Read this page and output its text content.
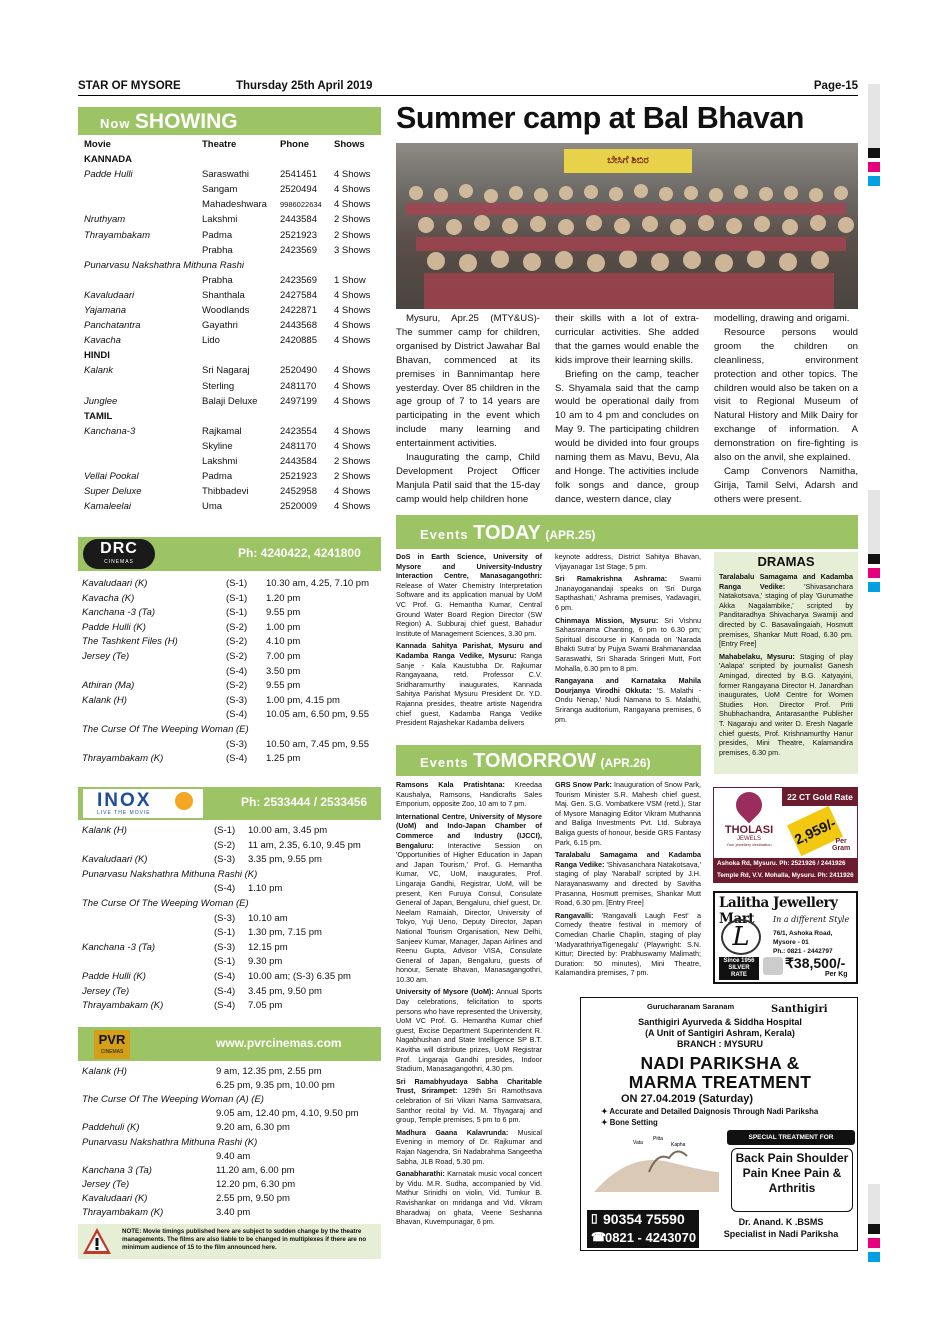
STAR OF MYSORE	Thursday 25th April 2019	Page-15
Now SHOWING
Movie	Theatre	Phone	Shows
KANNADA
Padde Hulli	Saraswathi	2541451 4 Shows
Sangam	2520494 4 Shows
Mahadeshwara 9986022634 4 Shows
Nruthyam	Lakshmi	2443584 2 Shows
Thrayambakam	Padma	2521923 2 Shows
Prabha	2423569 3 Shows
Punarvasu Nakshathra Mithuna Rashi
Prabha	2423569 1 Show
Kavaludaari	Shanthala	2427584 4 Shows
Yajamana	Woodlands	2422871 4 Shows
Panchatantra	Gayathri	2443568 4 Shows
Kavacha	Lido	2420885 4 Shows
HINDI
Kalank	Sri Nagaraj	2520490 4 Shows
Sterling	2481170 4 Shows
Junglee	Balaji Deluxe 2497199 4 Shows
TAMIL
Kanchana-3	Rajkamal	2423554 4 Shows
Skyline	2481170 4 Shows
Lakshmi	2443584 2 Shows
Vellai Pookal	Padma	2521923 2 Shows
Super Deluxe	Thibbadevi	2452958 4 Shows
Kamaleelai	Uma	2520009 4 Shows
DRC
CINEMAS
Ph: 4240422, 4241800
Kavaludaari (K)	(S-1) 10.30 am, 4.25, 7.10 pm
Kavacha (K)	(S-1) 1.20 pm
Kanchana -3 (Ta)	(S-1) 9.55 pm
Padde Hulli (K)	(S-2) 1.00 pm
The Tashkent Files (H)	(S-2) 4.10 pm
Jersey (Te)	(S-2) 7.00 pm
(S-4) 3.50 pm
Athiran (Ma)	(S-2) 9.55 pm
Kalank (H)	(S-3) 1.00 pm, 4.15 pm
(S-4) 10.05 am, 6.50 pm, 9.55
The Curse Of The Weeping Woman (E)
(S-3) 10.50 am, 7.45 pm, 9.55
Thrayambakam (K)	(S-4) 1.25 pm
INOX
LIVE THE MOVIE
Ph: 2533444 / 2533456
Kalank (H)	(S-1) 10.00 am, 3.45 pm
(S-2) 11 am, 2.35, 6.10, 9.45 pm
Kavaludaari (K)	(S-3) 3.35 pm, 9.55 pm
Punarvasu Nakshathra Mithuna Rashi (K)
(S-4) 1.10 pm
The Curse Of The Weeping Woman (E)
(S-3) 10.10 am
(S-1) 1.30 pm, 7.15 pm
Kanchana -3 (Ta)	(S-3) 12.15 pm
(S-1) 9.30 pm
Padde Hulli (K)	(S-4) 10.00 am; (S-3) 6.35 pm
Jersey (Te)	(S-4) 3.45 pm, 9.50 pm
Thrayambakam (K)	(S-4) 7.05 pm
PVR
CINEMAS
www.pvrcinemas.com
Kalank (H)	9 am, 12.35 pm, 2.55 pm
6.25 pm, 9.35 pm, 10.00 pm
The Curse Of The Weeping Woman (A) (E)
9.05 am, 12.40 pm, 4.10, 9.50 pm
Paddehuli (K)	9.20 am, 6.30 pm
Punarvasu Nakshathra Mithuna Rashi (K)
9.40 am
Kanchana 3 (Ta)	11.20 am, 6.00 pm
Jersey (Te)	12.20 pm, 6.30 pm
Kavaludaari (K)	2.55 pm, 9.50 pm
Thrayambakam (K)	3.40 pm
NOTE: Movie timings published here are subject to sudden change by the theatre managements. The films are also liable to be changed in multiplexes if there are no minimum audience of 15 to the film announced here.
Summer camp at Bal Bhavan
ಬೇಸಿಗೆ ಶಿಬಿರ

Mysuru, Apr.25 (MTY&US)- The summer camp for children, organised by District Jawahar Bal Bhavan, commenced at its premises in Bannimantap here yesterday. Over 85 children in the age group of 7 to 14 years are participating in the event which include many learning and entertainment activities.

Inaugurating the camp, Child Development Project Officer Manjula Patil said that the 15-day camp would help children hone

their skills with a lot of extra-curricular activities. She added that the games would enable the kids improve their learning skills.

Briefing on the camp, teacher S. Shyamala said that the camp would be operational daily from 10 am to 4 pm and concludes on May 9. The participating children would be divided into four groups naming them as Mavu, Bevu, Ala and Honge. The activities include folk songs and dance, group dance, western dance, clay

modelling, drawing and origami.

Resource persons would groom the children on cleanliness, environment protection and other topics. The children would also be taken on a visit to Regional Museum of Natural History and Milk Dairy for exchange of information. A demonstration on fire-fighting is also on the anvil, she explained.

Camp Convenors Namitha, Girija, Tamil Selvi, Adarsh and others were present.

Events TODAY (APR.25)

DoS in Earth Science, University of Mysore and University-Industry Interaction Centre, Manasagangothri: Release of Water Chemistry Interpretation Software and its application manual by UoM VC Prof. G. Hemantha Kumar, Central Ground Water Board Region Director (SW Region) A. Subburaj chief guest, Bahadur Institute of Management Sciences, 3.30 pm.

Kannada Sahitya Parishat, Mysuru and Kadamba Ranga Vedike, Mysuru: Ranga Sanje - Kala Kaustubha Dr. Rajkumar Rangayaana, retd. Professor C.V. Sridharamurthy inaugurates, Kannada Sahitya Parishat Mysuru President Dr. Y.D. Rajanna presides, theatre artiste Nagendra chief guest, Kadamba Ranga Vedike President Rajashekar Kadamba delivers

keynote address, District Sahitya Bhavan, Vijayanagar 1st Stage, 5 pm.

Sri Ramakrishna Ashrama: Swami Jnanayoganandaji speaks on 'Sri Durga Sapthashati,' Ashrama premises, Yadavagiri, 6 pm.

Chinmaya Mission, Mysuru: Sri Vishnu Sahasranama Chanting, 6 pm to 6.30 pm; Spiritual discourse in Kannada on 'Narada Bhakti Sutra' by Pujya Swami Brahmanandaa Saraswathi, Sri Sharada Sringeri Mutt, Fort Mohalla, 6.30 pm to 8 pm.

Rangayana and Karnataka Mahila Dourjanya Virodhi Okkuta: 'S. Malathi - Ondu Nenap,' Nudi Namana to S. Malathi, Sriranga auditorium, Rangayana premises, 6 pm.

DRAMAS

Taralabalu Samagama and Kadamba Ranga Vedike: 'Shivasanchara Natakotsava,' staging of play 'Gurumathe Akka Nagalambike,' scripted by Panditaradhya Shivacharya Swamiji and directed by C. Basavalingaiah, Hosmutt premises, Shankar Mutt Road, 6.30 pm. [Entry Free]

Mahabelaku, Mysuru: Staging of play 'Aalapa' scripted by journalist Ganesh Amingad, directed by B.G. Katyayini, former Rangayana Director H. Janardhan inaugurates, UoM Centre for Women Studies Hon. Director Prof. Priti Shubhachandra, Antarasanthe Publisher T. Nagaraju and writer D. Eresh Nagarle chief guests, Prof. Krishnamurthy Hanur presides, Mini Theatre, Kalamandira premises, 6.30 pm.

Events TOMORROW (APR.26)

Ramsons Kala Pratishtana: Kreedaa Kaushalya, Ramsons, Handicrafts Sales Emporium, opposite Zoo, 10 am to 7 pm.

International Centre, University of Mysore (UoM) and Indo-Japan Chamber of Commerce and Industry (IJCCI), Bengaluru: Interactive Session on 'Opportunities of Higher Education in Japan and Japan Tourism,' Prof. G. Hemantha Kumar, VC, UoM, inaugurates, Prof. Lingaraja Gandhi, Registrar, UoM, will be present, Ken Furuya Consul, Consulate General of Japan, Bengaluru, chief guest, Dr. Neelam Ramaiah, Director, University of Tokyo, Yuji Ueno, Deputy Director, Japan National Tourism Organisation, New Delhi, Sanjeev Kumar, Manager, Japan Airlines and Reenu Gupta, Advisor VISA, Consulate General of Japan, Bengaluru, guests of honour, Senate Bhavan, Manasagangothri, 10.30 am.

University of Mysore (UoM): Annual Sports Day celebrations, felicitation to sports persons who have represented the University, UoM VC Prof. G. Hemantha Kumar chief guest, Excise Department Superintendent R. Nagabhushan and State Intelligence SP B.T. Kavitha will distribute prizes, UoM Registrar Prof. Lingaraja Gandhi presides, Indoor Stadium, Manasagangothri, 4.30 pm.

Sri Ramabhyudaya Sabha Charitable Trust, Srirampet: 129th Sri Ramothsava celebration of Sri Vikari Nama Samvatsara, Santhor recital by Vid. M. Thyagaraj and group, Temple premises, 5 pm to 6 pm.

Madhura Gaana Kalavrunda: Musical Evening in memory of Dr. Rajkumar and Rajan Nagendra, Sri Nadabrahma Sangeetha Sabha, JLB Road, 5.30 pm.

Ganabharathi: Karnatak music vocal concert by Vidu. M.R. Sudha, accompanied by Vid. Mathur Srinidhi on violin, Vid. Tumkur B. Ravishankar on mridanga and Vid. Vikram Bharadwaj on ghata, Veene Seshanna Bhavan, Kuvempunagar, 6 pm.

GRS Snow Park: Inauguration of Snow Park, Tourism Minister S.R. Mahesh chief guest, Maj. Gen. S.G. Vombatkere VSM (retd.), Star of Mysore Managing Editor Vikram Muthanna and Baliga Investments Pvt. Ltd. Subraya Baliga guests of honour, beside GRS Fantasy Park, 6.15 pm.

Taralabalu Samagama and Kadamba Ranga Vedike: 'Shivasanchara Natakotsava,' staging of play 'Naraball' scripted by J.H. Narayanaswamy and directed by Savitha Prasanna, Hosmutt premises, Shankar Mutt Road, 6.30 pm. [Entry Free]

Rangavalli: 'Rangavalli Laugh Fest' a Comedy theatre festival in memory of Comedian Charlie Chaplin, staging of play 'MadyarathriyaTigenegalu' (Playwright: S.N. Kittur; Directed by: Prabhuswamy Malimath; Duration: 50 minutes), Mini Theatre, Kalamandira premises, 7 pm.

22 CT Gold Rate
THOLASI
JEWELS
Your jewellery destination	2,959/-
Per
Gram
Ashoka Rd, Mysuru. Ph: 2521926 / 2441926
Temple Rd, V.V. Mohalla, Mysuru. Ph: 2411926
Lalitha Jewellery Mart	In a different Style
L	76/1, Ashoka Road, Mysore - 01
Ph.: 0821 - 2442797
Since 1956
SILVER
RATE
₹38,500/-
Per Kg
Gurucharanam Saranam	Santhigiri
Santhigiri Ayurveda & Siddha Hospital
(A Unit of Santigiri Ashram, Kerala)
BRANCH : MYSURU
NADI PARIKSHA &
MARMA TREATMENT
ON 27.04.2019 (Saturday)
✦ Accurate and Detailed Daignosis Through Nadi Pariksha
✦ Bone Setting
Vata
Pitta
Kapha
SPECIAL TREATMENT FOR
Back Pain Shoulder Pain Knee Pain & Arthritis
▯ 90354 75590
☎ 0821 - 4243070
Dr. Anand. K .BSMS
Specialist in Nadi Pariksha
